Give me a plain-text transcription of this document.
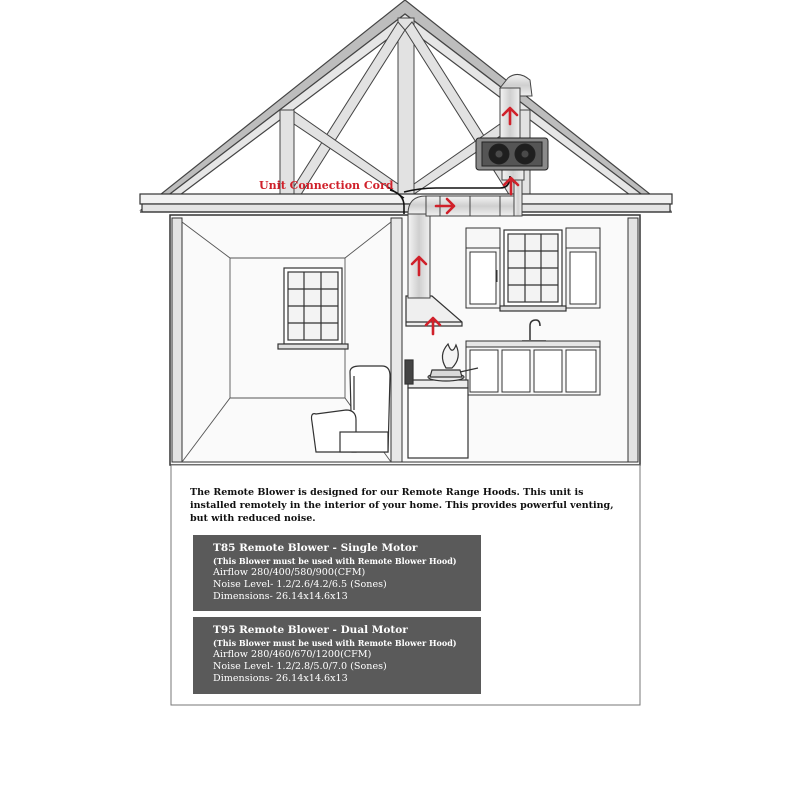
Unit Connection Cord

The Remote Blower is designed for our Remote Range Hoods. This unit is installed remotely in the interior of your home. This provides powerful venting, but with reduced noise.

T85 Remote Blower - Single Motor
(This Blower must be used with Remote Blower Hood)
Airflow 280/400/580/900(CFM)
Noise Level- 1.2/2.6/4.2/6.5 (Sones)
Dimensions- 26.14x14.6x13
T95 Remote Blower - Dual Motor
(This Blower must be used with Remote Blower Hood)
Airflow 280/460/670/1200(CFM)
Noise Level- 1.2/2.8/5.0/7.0 (Sones)
Dimensions- 26.14x14.6x13
